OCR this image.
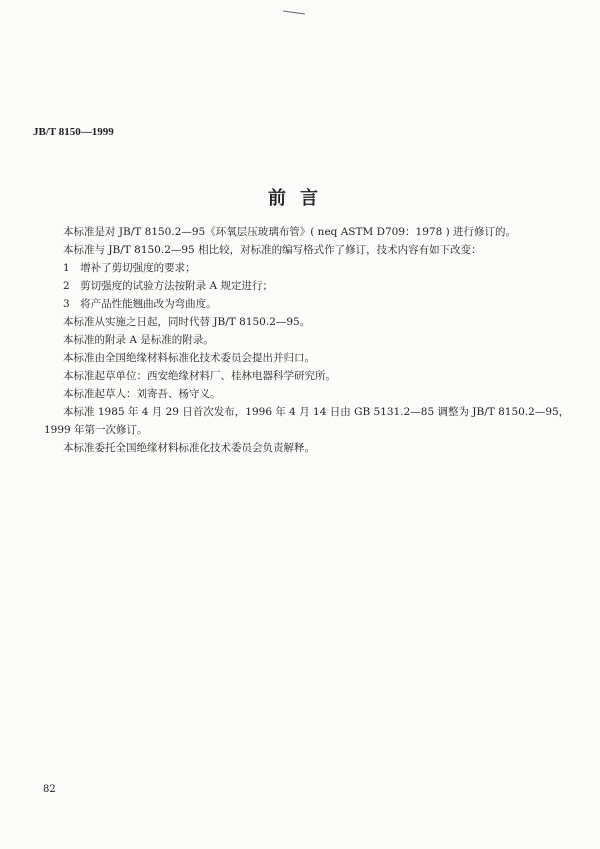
JB/T 8150—1999
前言
本标准是对 JB/T 8150.2—95《环氧层压玻璃布管》( neq ASTM D709：1978 ) 进行修订的。
本标准与 JB/T 8150.2—95 相比较，对标准的编写格式作了修订，技术内容有如下改变：
1　增补了剪切强度的要求；
2　剪切强度的试验方法按附录 A 规定进行；
3　将产品性能翘曲改为弯曲度。
本标准从实施之日起，同时代替 JB/T 8150.2—95。
本标准的附录 A 是标准的附录。
本标准由全国绝缘材料标准化技术委员会提出并归口。
本标准起草单位：西安绝缘材料厂、桂林电器科学研究所。
本标准起草人：刘寄吾、杨守义。
本标准 1985 年 4 月 29 日首次发布，1996 年 4 月 14 日由 GB 5131.2—85 调整为 JB/T 8150.2—95，
1999 年第一次修订。
本标准委托全国绝缘材料标准化技术委员会负责解释。
82
